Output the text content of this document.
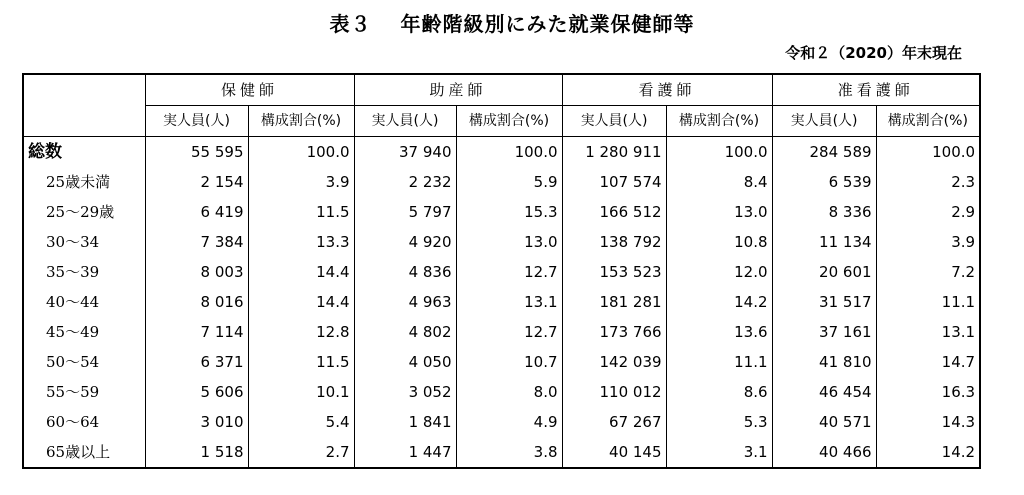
表３　 年齢階級別にみた就業保健師等
令和２（2020）年末現在
	保健師		助産師		看護師		准看護師	
	実人員(人)	構成割合(%)	実人員(人)	構成割合(%)	実人員(人)	構成割合(%)	実人員(人)	構成割合(%)
総数	55 595	100.0	37 940	100.0	1 280 911	100.0	284 589	100.0
25歳未満	2 154	3.9	2 232	5.9	107 574	8.4	6 539	2.3
25～29歳	6 419	11.5	5 797	15.3	166 512	13.0	8 336	2.9
30～34	7 384	13.3	4 920	13.0	138 792	10.8	11 134	3.9
35～39	8 003	14.4	4 836	12.7	153 523	12.0	20 601	7.2
40～44	8 016	14.4	4 963	13.1	181 281	14.2	31 517	11.1
45～49	7 114	12.8	4 802	12.7	173 766	13.6	37 161	13.1
50～54	6 371	11.5	4 050	10.7	142 039	11.1	41 810	14.7
55～59	5 606	10.1	3 052	8.0	110 012	8.6	46 454	16.3
60～64	3 010	5.4	1 841	4.9	67 267	5.3	40 571	14.3
65歳以上	1 518	2.7	1 447	3.8	40 145	3.1	40 466	14.2
